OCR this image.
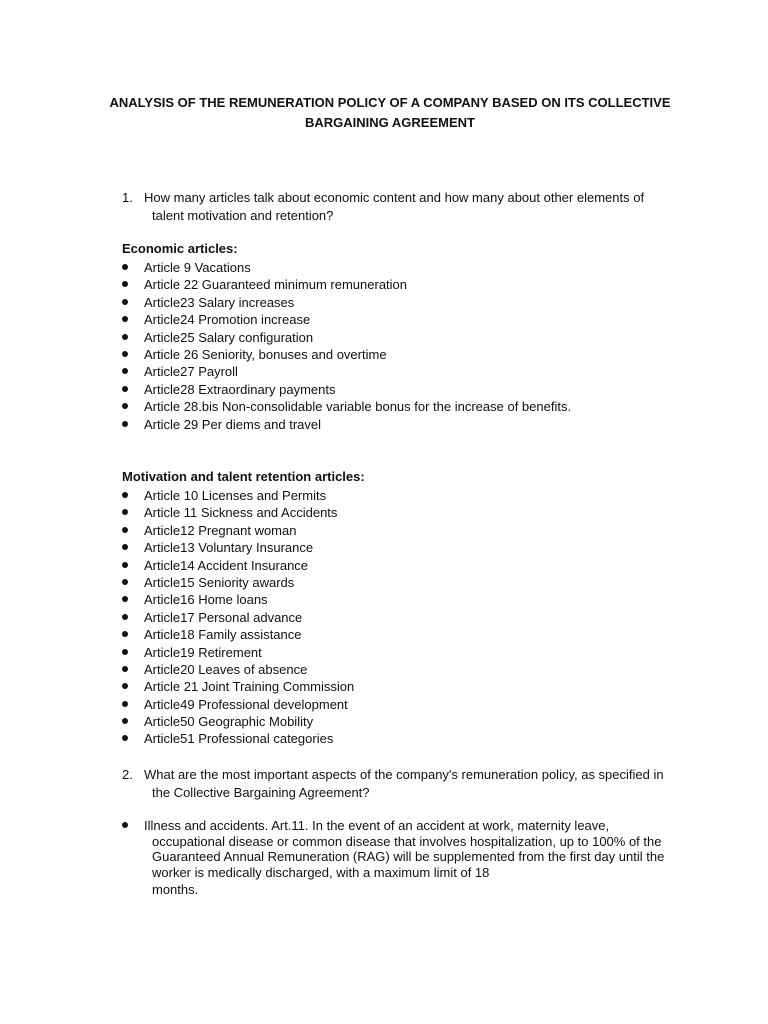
ANALYSIS OF THE REMUNERATION POLICY OF A COMPANY BASED ON ITS COLLECTIVE
BARGAINING AGREEMENT
1. How many articles talk about economic content and how many about other elements of
talent motivation and retention?
Economic articles:
Article 9 Vacations
Article 22 Guaranteed minimum remuneration
Article23 Salary increases
Article24 Promotion increase
Article25 Salary configuration
Article 26 Seniority, bonuses and overtime
Article27 Payroll
Article28 Extraordinary payments
Article 28.bis Non-consolidable variable bonus for the increase of benefits.
Article 29 Per diems and travel
Motivation and talent retention articles:
Article 10 Licenses and Permits
Article 11 Sickness and Accidents
Article12 Pregnant woman
Article13 Voluntary Insurance
Article14 Accident Insurance
Article15 Seniority awards
Article16 Home loans
Article17 Personal advance
Article18 Family assistance
Article19 Retirement
Article20 Leaves of absence
Article 21 Joint Training Commission
Article49 Professional development
Article50 Geographic Mobility
Article51 Professional categories
2. What are the most important aspects of the company's remuneration policy, as specified in
the Collective Bargaining Agreement?
Illness and accidents. Art.11. In the event of an accident at work, maternity leave,
occupational disease or common disease that involves hospitalization, up to 100% of the
Guaranteed Annual Remuneration (RAG) will be supplemented from the first day until the
worker is medically discharged, with a maximum limit of 18
months.
